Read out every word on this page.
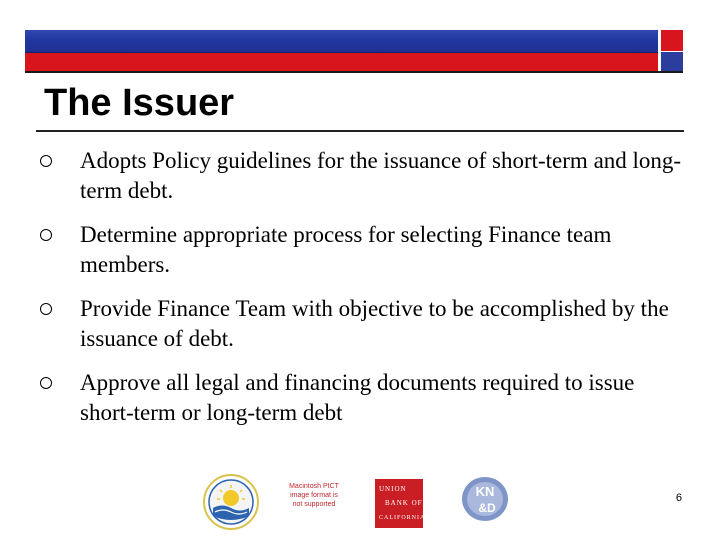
The Issuer
Adopts Policy guidelines for the issuance of short-term and long-term debt.
Determine appropriate process for selecting Finance team members.
Provide Finance Team with objective to be accomplished by the issuance of debt.
Approve all legal and financing documents required to issue short-term or long-term debt
Macintosh PICT image format is not supported
UNION
BANK OF
CALIFORNIA
KN
&D
6
